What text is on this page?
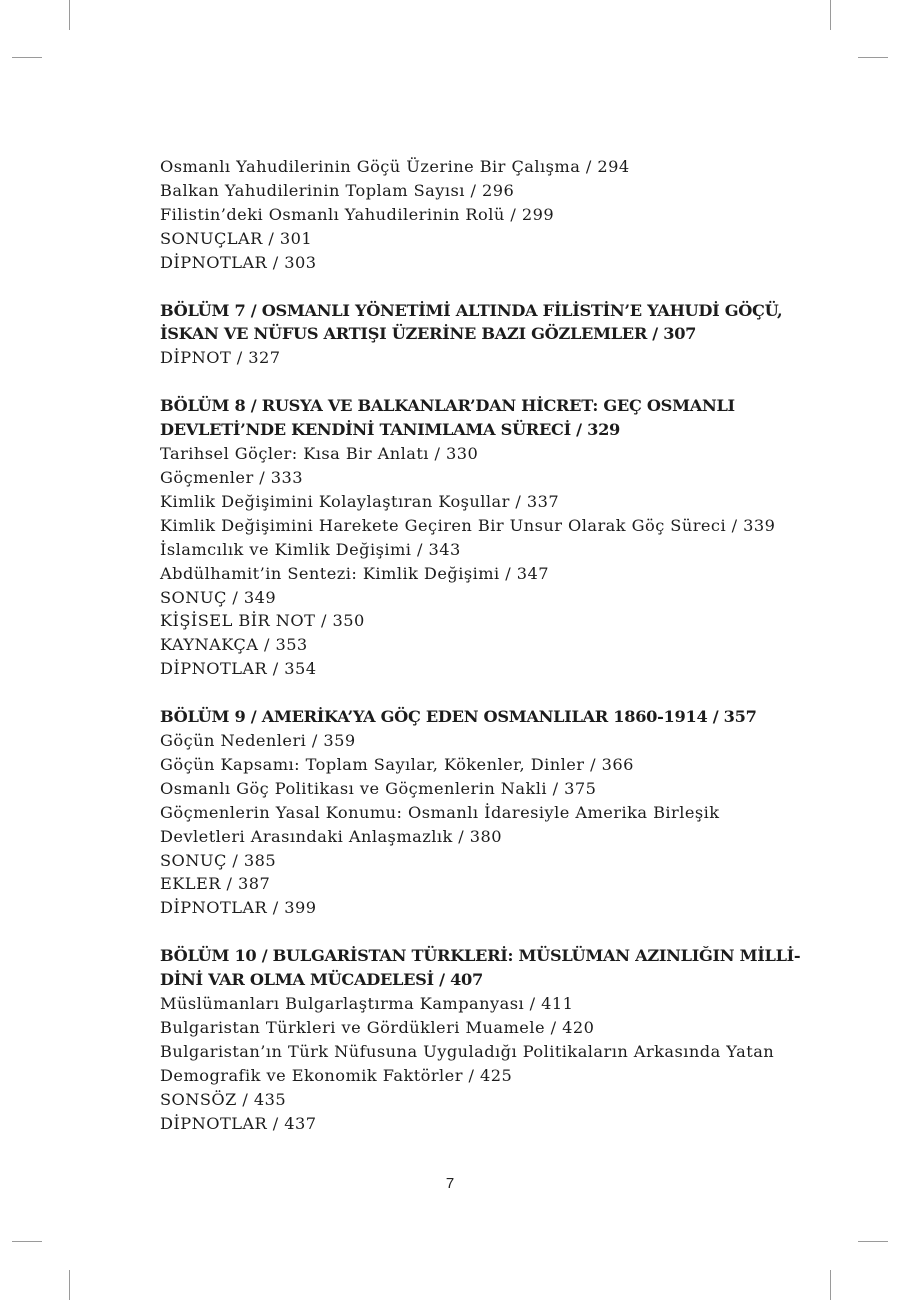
Osmanlı Yahudilerinin Göçü Üzerine Bir Çalışma / 294
Balkan Yahudilerinin Toplam Sayısı / 296
Filistin’deki Osmanlı Yahudilerinin Rolü / 299
SONUÇLAR / 301
DİPNOTLAR / 303
BÖLÜM 7 / OSMANLI YÖNETİMİ ALTINDA FİLİSTİN’E YAHUDİ GÖÇÜ,
İSKAN VE NÜFUS ARTIŞI ÜZERİNE BAZI GÖZLEMLER / 307
DİPNOT / 327
BÖLÜM 8 / RUSYA VE BALKANLAR’DAN HİCRET: GEÇ OSMANLI
DEVLETİ’NDE KENDİNİ TANIMLAMA SÜRECİ / 329
Tarihsel Göçler: Kısa Bir Anlatı / 330
Göçmenler / 333
Kimlik Değişimini Kolaylaştıran Koşullar / 337
Kimlik Değişimini Harekete Geçiren Bir Unsur Olarak Göç Süreci / 339
İslamcılık ve Kimlik Değişimi / 343
Abdülhamit’in Sentezi: Kimlik Değişimi / 347
SONUÇ / 349
KİŞİSEL BİR NOT / 350
KAYNAKÇA / 353
DİPNOTLAR / 354
BÖLÜM 9 / AMERİKA’YA GÖÇ EDEN OSMANLILAR 1860-1914 / 357
Göçün Nedenleri / 359
Göçün Kapsamı: Toplam Sayılar, Kökenler, Dinler / 366
Osmanlı Göç Politikası ve Göçmenlerin Nakli / 375
Göçmenlerin Yasal Konumu: Osmanlı İdaresiyle Amerika Birleşik
Devletleri Arasındaki Anlaşmazlık / 380
SONUÇ / 385
EKLER / 387
DİPNOTLAR / 399
BÖLÜM 10 / BULGARİSTAN TÜRKLERİ: MÜSLÜMAN AZINLIĞIN MİLLİ-
DİNİ VAR OLMA MÜCADELESİ / 407
Müslümanları Bulgarlaştırma Kampanyası / 411
Bulgaristan Türkleri ve Gördükleri Muamele / 420
Bulgaristan’ın Türk Nüfusuna Uyguladığı Politikaların Arkasında Yatan
Demografik ve Ekonomik Faktörler / 425
SONSÖZ / 435
DİPNOTLAR / 437
7
